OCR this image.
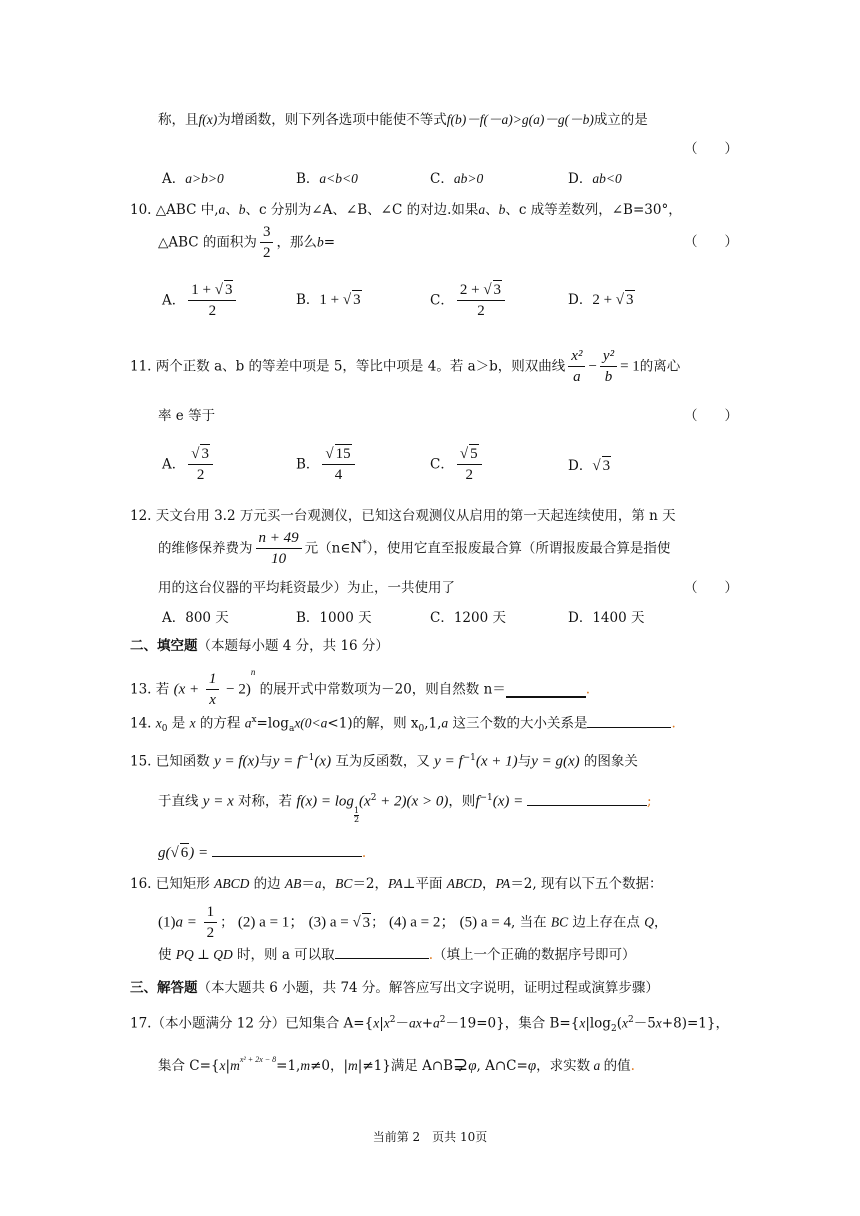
称，且f(x)为增函数，则下列各选项中能使不等式f(b)－f(－a)>g(a)－g(－b)成立的是
（　　）
A．a>b>0	B．a<b<0	C．ab>0	D．ab<0
10. △ABC 中,a、b、c 分别为∠A、∠B、∠C 的对边.如果a、b、c 成等差数列，∠B=30°，
△ABC 的面积为 $\frac{3}{2}$ ，那么b=	（　　）
A． $\frac{1 + √ 3}{2}$	B．1 + √ 3	C． $\frac{2 + √ 3}{2}$	D．2 + √ 3
11. 两个正数 a、b 的等差中项是 5，等比中项是 4。若 a＞b，则双曲线 $\frac{\text{x²}}{a} - \frac{\text{y²}}{b} = 1$的离心
率 e 等于	（　　）
A． $\frac{√ 3}{2}$	B． $\frac{√ 15}{4}$	C． $\frac{√ 5}{2}$	D．√ 3
12. 天文台用 3.2 万元买一台观测仪，已知这台观测仪从启用的第一天起连续使用，第 n 天
的维修保养费为 $\frac{n + 49}{10}$ 元（n∈N*），使用它直至报废最合算（所谓报废最合算是指使
用的这台仪器的平均耗资最少）为止，一共使用了	（　　）
A．800 天	B．1000 天	C．1200 天	D．1400 天
二、填空题（本题每小题 4 分，共 16 分）
13. 若 $(x + \frac{1}{x} - 2)^n$ 的展开式中常数项为－20，则自然数 n＝	.
14. $x_0$ 是 x 的方程 $a^x=\log_ax(0<a<1)$的解，则 $x_0,1,a$ 这三个数的大小关系是	.
15. 已知函数 y = f(x)与$y = f^{-1}(x)$ 互为反函数，又 $y = f^{-1}(x + 1)$与y = g(x) 的图象关
于直线 y = x 对称，若 f(x) = log
$\frac{1}{2}$
$(x^2 + 2)(x > 0)$，则$f^{-1}(x)$ =	;
g(√ 6) =	.
16. 已知矩形 ABCD 的边 AB＝a，BC＝2，PA⊥平面 ABCD，PA＝2, 现有以下五个数据：
$(1)a = \frac{1}{2}$ ； (2) a = 1； (3) a = √ 3； (4) a = 2； (5) a = 4, 当在 BC 边上存在点 Q，
使 PQ ⊥ QD 时，则 a 可以取	.（填上一个正确的数据序号即可）
三、解答题（本大题共 6 小题，共 74 分。解答应写出文字说明，证明过程或演算步骤）
17.（本小题满分 12 分）已知集合 $A=\{x|x^2-ax+a^2-19=0\}$，集合 $B=\{x|\log_2(x^2-5x+8)=1\}$，
集合 $C=\{x|m^{x^2 + 2x - 8}=1,m\ne 0$，|m|≠1}满足 A∩B⊋φ, A∩C=φ，求实数 a 的值.
当前第 2　页共 10页
